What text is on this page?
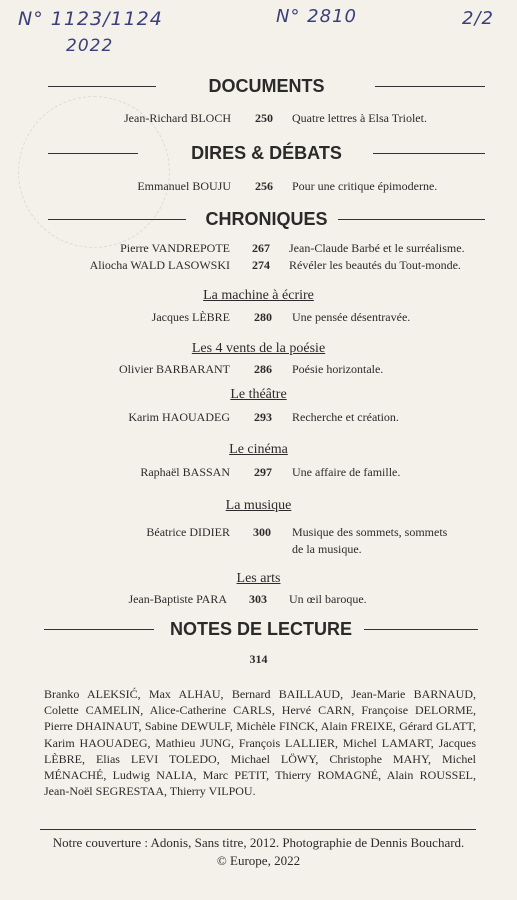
N° 1123/1124
2022
N° 2810	2/2
DOCUMENTS
Jean-Richard BLOCH 250 Quatre lettres à Elsa Triolet.
DIRES & DÉBATS
Emmanuel BOUJU 256 Pour une critique épimoderne.
CHRONIQUES
Pierre VANDREPOTE 267 Jean-Claude Barbé et le surréalisme.
Aliocha WALD LASOWSKI 274 Révéler les beautés du Tout-monde.
La machine à écrire
Jacques LÈBRE 280 Une pensée désentravée.
Les 4 vents de la poésie
Olivier BARBARANT 286 Poésie horizontale.
Le théâtre
Karim HAOUADEG 293 Recherche et création.
Le cinéma
Raphaël BASSAN 297 Une affaire de famille.
La musique
Béatrice DIDIER 300 Musique des sommets, sommets
de la musique.
Les arts
Jean-Baptiste PARA 303 Un œil baroque.
NOTES DE LECTURE
314
Branko ALEKSIĆ, Max ALHAU, Bernard BAILLAUD, Jean-Marie BARNAUD, Colette CAMELIN, Alice-Catherine CARLS, Hervé CARN, Françoise DELORME, Pierre DHAINAUT, Sabine DEWULF, Michèle FINCK, Alain FREIXE, Gérard GLATT, Karim HAOUADEG, Mathieu JUNG, François LALLIER, Michel LAMART, Jacques LÈBRE, Elias LEVI TOLEDO, Michael LÖWY, Christophe MAHY, Michel MÉNACHÉ, Ludwig NALIA, Marc PETIT, Thierry ROMAGNÉ, Alain ROUSSEL, Jean-Noël SEGRESTAA, Thierry VILPOU.
Notre couverture : Adonis, Sans titre, 2012. Photographie de Dennis Bouchard.
© Europe, 2022
